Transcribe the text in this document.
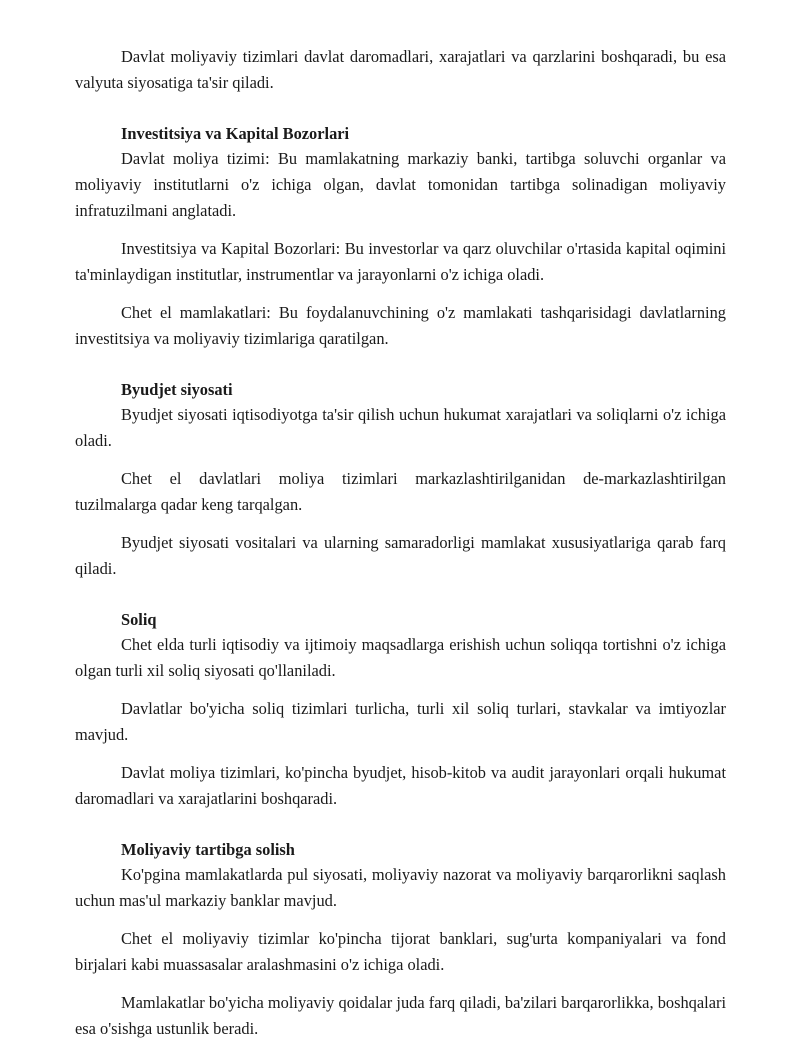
Davlat moliyaviy tizimlari davlat daromadlari, xarajatlari va qarzlarini boshqaradi, bu esa valyuta siyosatiga ta'sir qiladi.

Investitsiya va Kapital Bozorlari

Davlat moliya tizimi: Bu mamlakatning markaziy banki, tartibga soluvchi organlar va moliyaviy institutlarni o'z ichiga olgan, davlat tomonidan tartibga solinadigan moliyaviy infratuzilmani anglatadi.

Investitsiya va Kapital Bozorlari: Bu investorlar va qarz oluvchilar o'rtasida kapital oqimini ta'minlaydigan institutlar, instrumentlar va jarayonlarni o'z ichiga oladi.

Chet el mamlakatlari: Bu foydalanuvchining o'z mamlakati tashqarisidagi davlatlarning investitsiya va moliyaviy tizimlariga qaratilgan.

Byudjet siyosati

Byudjet siyosati iqtisodiyotga ta'sir qilish uchun hukumat xarajatlari va soliqlarni o'z ichiga oladi.

Chet el davlatlari moliya tizimlari markazlashtirilganidan de-markazlashtirilgan tuzilmalarga qadar keng tarqalgan.

Byudjet siyosati vositalari va ularning samaradorligi mamlakat xususiyatlariga qarab farq qiladi.

Soliq

Chet elda turli iqtisodiy va ijtimoiy maqsadlarga erishish uchun soliqqa tortishni o'z ichiga olgan turli xil soliq siyosati qo'llaniladi.

Davlatlar bo'yicha soliq tizimlari turlicha, turli xil soliq turlari, stavkalar va imtiyozlar mavjud.

Davlat moliya tizimlari, ko'pincha byudjet, hisob-kitob va audit jarayonlari orqali hukumat daromadlari va xarajatlarini boshqaradi.

Moliyaviy tartibga solish

Ko'pgina mamlakatlarda pul siyosati, moliyaviy nazorat va moliyaviy barqarorlikni saqlash uchun mas'ul markaziy banklar mavjud.

Chet el moliyaviy tizimlar ko'pincha tijorat banklari, sug'urta kompaniyalari va fond birjalari kabi muassasalar aralashmasini o'z ichiga oladi.

Mamlakatlar bo'yicha moliyaviy qoidalar juda farq qiladi, ba'zilari barqarorlikka, boshqalari esa o'sishga ustunlik beradi.
